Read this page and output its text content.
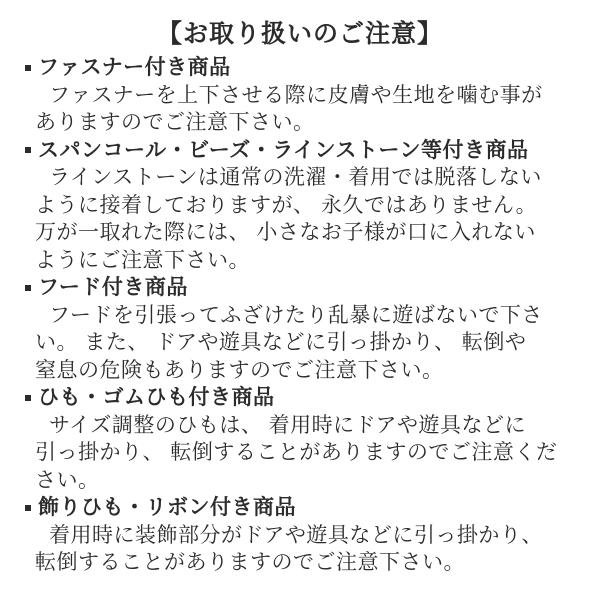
【お取り扱いのご注意】
ファスナー付き商品
ファスナーを上下させる際に皮膚や生地を噛む事が
ありますのでご注意下さい。
スパンコール・ビーズ・ラインストーン等付き商品
ラインストーンは通常の洗濯・着用では脱落しない
ように接着しておりますが、 永久ではありません。
万が一取れた際には、 小さなお子様が口に入れない
ようにご注意下さい。
フード付き商品
フードを引張ってふざけたり乱暴に遊ばないで下さ
い。 また、 ドアや遊具などに引っ掛かり、 転倒や
窒息の危険もありますのでご注意下さい。
ひも・ゴムひも付き商品
サイズ調整のひもは、 着用時にドアや遊具などに
引っ掛かり、 転倒することがありますのでご注意くだ
さい。
飾りひも・リボン付き商品
着用時に装飾部分がドアや遊具などに引っ掛かり、
転倒することがありますのでご注意下さい。
